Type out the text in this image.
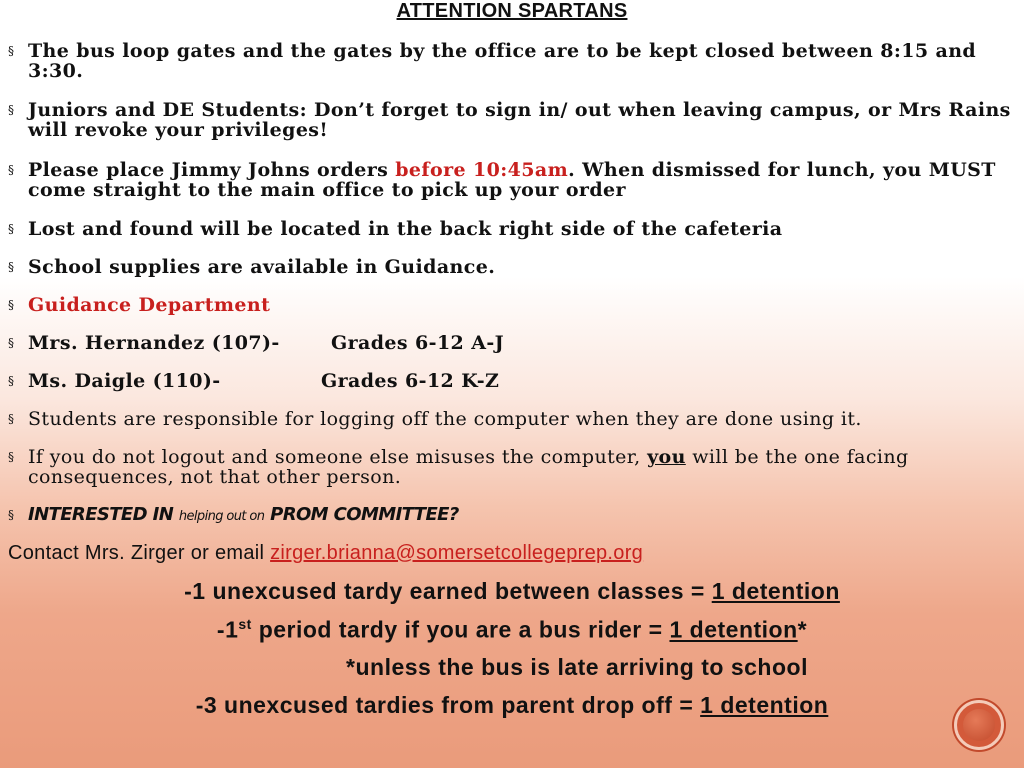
ATTENTION SPARTANS
§ The bus loop gates and the gates by the office are to be kept closed between 8:15 and 3:30.
§ Juniors and DE Students: Don’t forget to sign in/ out when leaving campus, or Mrs Rains will revoke your privileges!
§ Please place Jimmy Johns orders before 10:45am. When dismissed for lunch, you MUST come straight to the main office to pick up your order
§ Lost and found will be located in the back right side of the cafeteria
§ School supplies are available in Guidance.
§ Guidance Department
§ Mrs. Hernandez (107)-	Grades 6-12 A-J
§ Ms. Daigle (110)-	Grades 6-12 K-Z
§ Students are responsible for logging off the computer when they are done using it.
§ If you do not logout and someone else misuses the computer, you will be the one facing consequences, not that other person.
§ INTERESTED IN helping out on PROM COMMITTEE?
Contact Mrs. Zirger or email zirger.brianna@somersetcollegeprep.org
-1 unexcused tardy earned between classes = 1 detention
-1st period tardy if you are a bus rider = 1 detention*
*unless the bus is late arriving to school
-3 unexcused tardies from parent drop off = 1 detention
